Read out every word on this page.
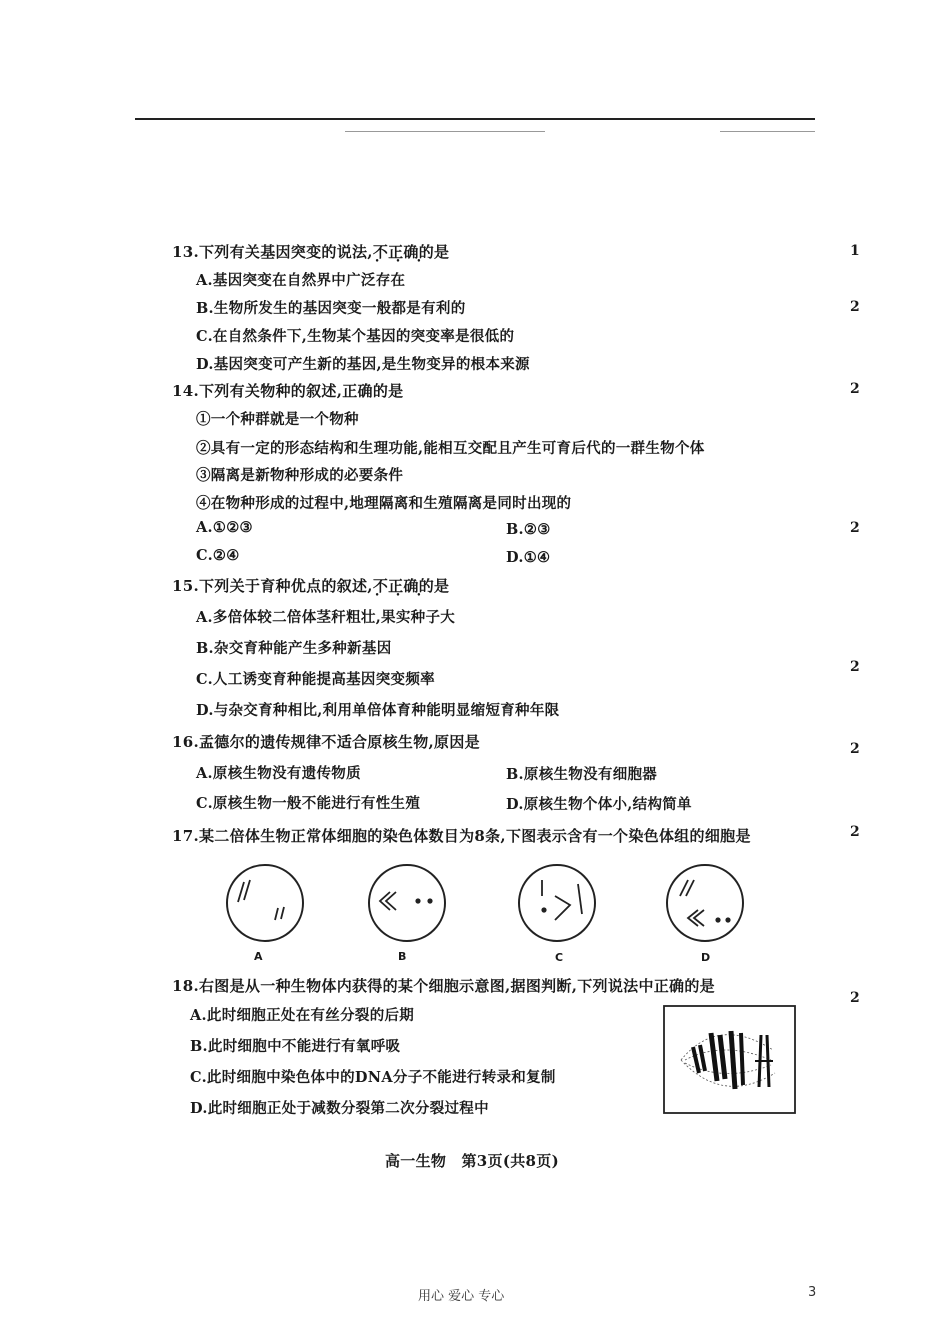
13.下列有关基因突变的说法,不正确 • • •的是
A.基因突变在自然界中广泛存在
B.生物所发生的基因突变一般都是有利的
C.在自然条件下,生物某个基因的突变率是很低的
D.基因突变可产生新的基因,是生物变异的根本来源
14.下列有关物种的叙述,正确的是
①一个种群就是一个物种
②具有一定的形态结构和生理功能,能相互交配且产生可育后代的一群生物个体
③隔离是新物种形成的必要条件
④在物种形成的过程中,地理隔离和生殖隔离是同时出现的
A.①②③	B.②③
C.②④	D.①④
15.下列关于育种优点的叙述,不正确 • • •的是
A.多倍体较二倍体茎秆粗壮,果实种子大
B.杂交育种能产生多种新基因
C.人工诱变育种能提高基因突变频率
D.与杂交育种相比,利用单倍体育种能明显缩短育种年限
16.孟德尔的遗传规律不适合原核生物,原因是
A.原核生物没有遗传物质	B.原核生物没有细胞器
C.原核生物一般不能进行有性生殖	D.原核生物个体小,结构简单
17.某二倍体生物正常体细胞的染色体数目为8条,下图表示含有一个染色体组的细胞是
A	B	C	D
18.右图是从一种生物体内获得的某个细胞示意图,据图判断,下列说法中正确的是
A.此时细胞正处在有丝分裂的后期
B.此时细胞中不能进行有氧呼吸
C.此时细胞中染色体中的DNA分子不能进行转录和复制
D.此时细胞正处于减数分裂第二次分裂过程中
1
2
2
2
2
2
2
2
高一生物　第3页(共8页)
用心 爱心 专心	3
